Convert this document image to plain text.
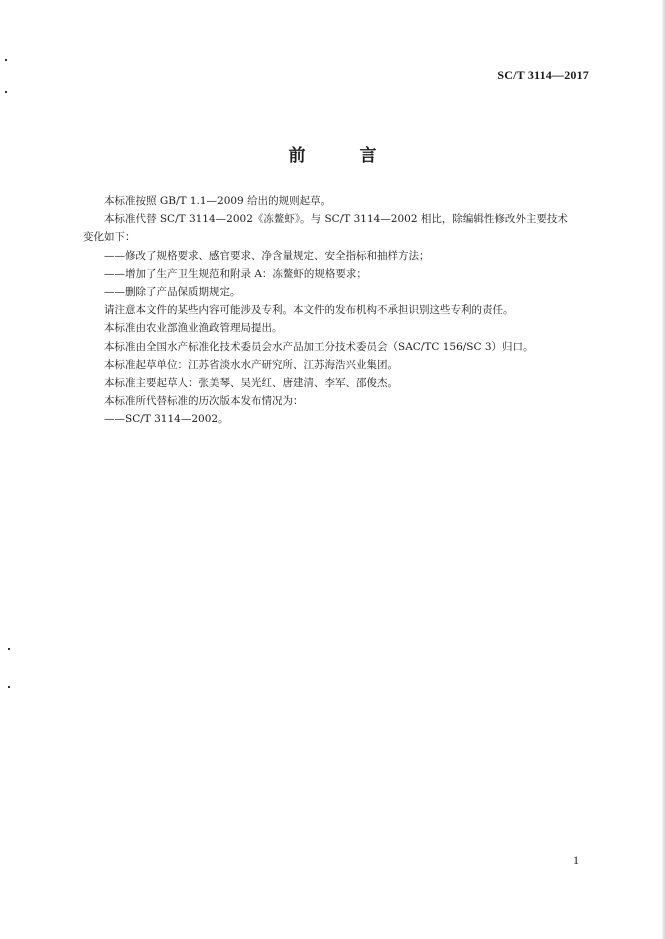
SC/T 3114—2017
前 言

本标准按照 GB/T 1.1—2009 给出的规则起草。

本标准代替 SC/T 3114—2002《冻鳌虾》。与 SC/T 3114—2002 相比，除编辑性修改外主要技术
变化如下：

——修改了规格要求、感官要求、净含量规定、安全指标和抽样方法；

——增加了生产卫生规范和附录 A：冻鳌虾的规格要求；

——删除了产品保质期规定。

请注意本文件的某些内容可能涉及专利。本文件的发布机构不承担识别这些专利的责任。

本标准由农业部渔业渔政管理局提出。

本标准由全国水产标准化技术委员会水产品加工分技术委员会（SAC/TC 156/SC 3）归口。

本标准起草单位：江苏省淡水水产研究所、江苏海浩兴业集团。

本标准主要起草人：张美琴、吴光红、唐建清、李军、邵俊杰。

本标准所代替标准的历次版本发布情况为：

——SC/T 3114—2002。

1
